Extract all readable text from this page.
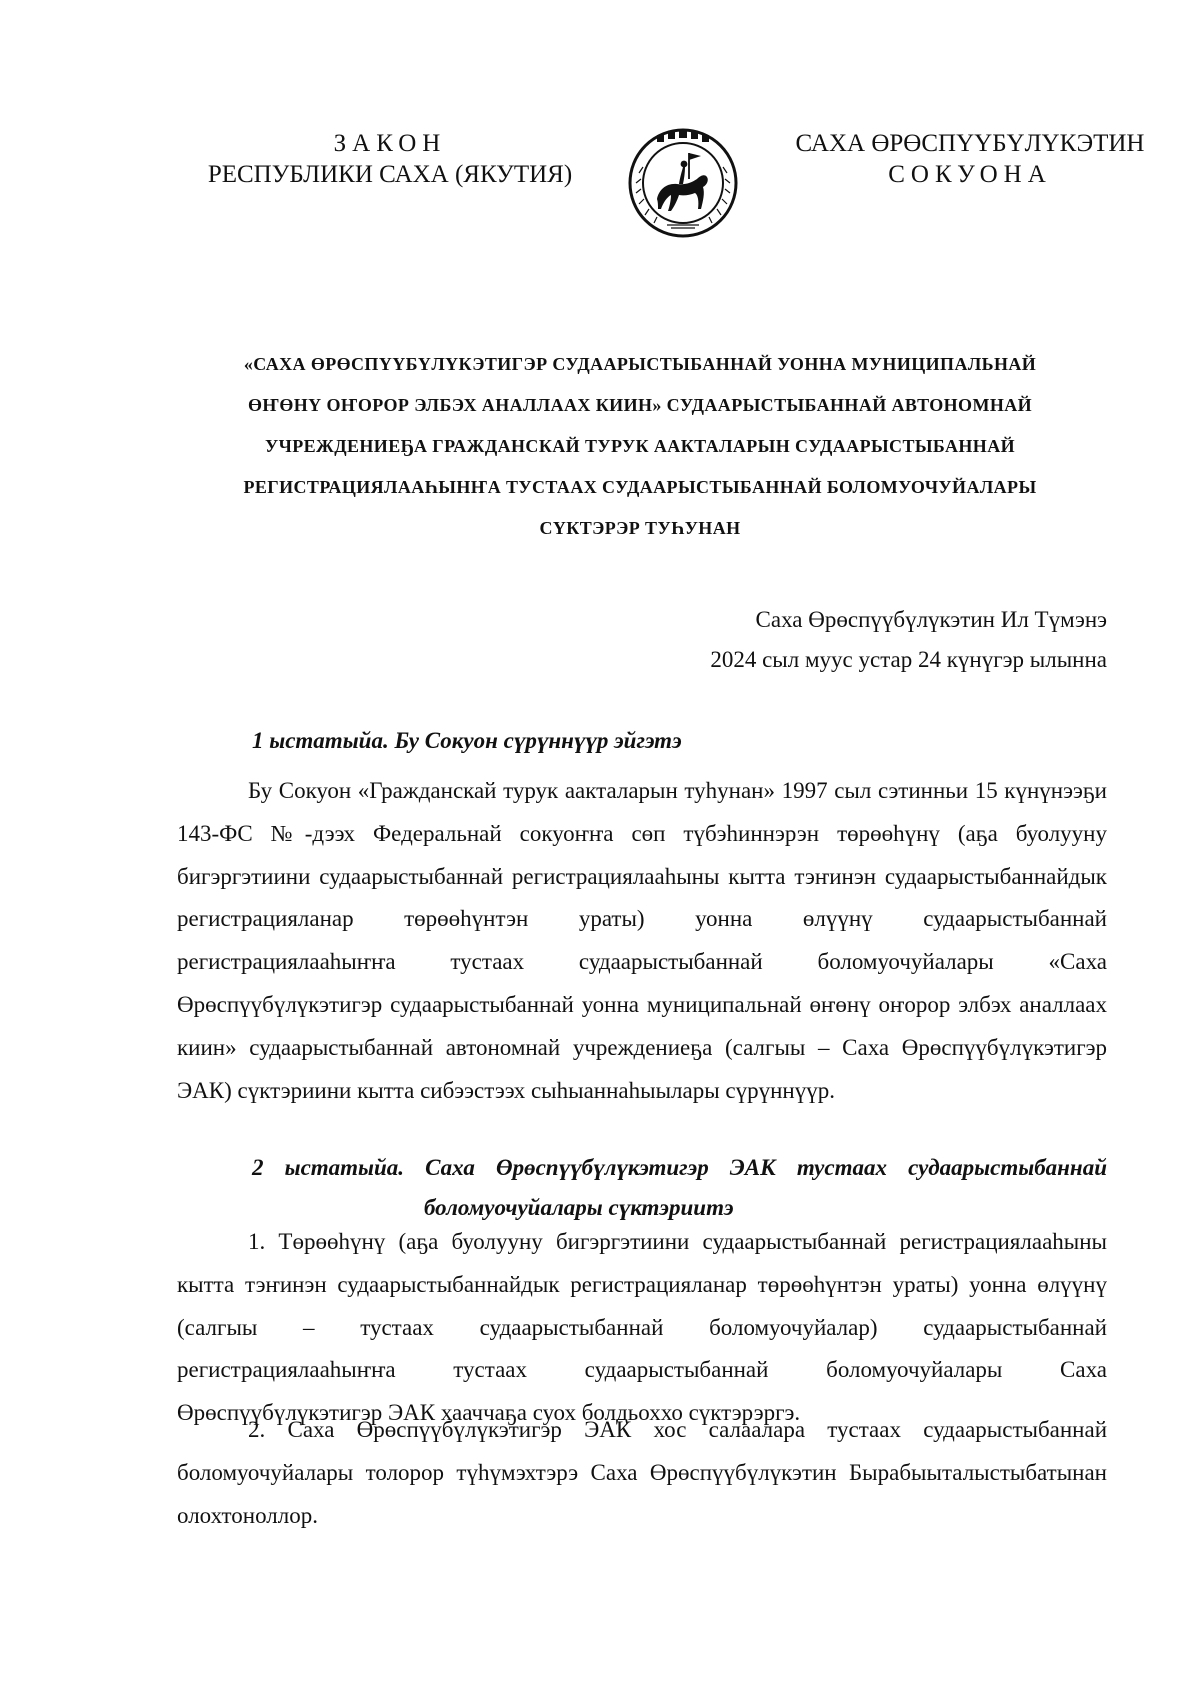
ЗАКОН
РЕСПУБЛИКИ САХА (ЯКУТИЯ)
САХА ӨРӨСПҮҮБҮЛҮКЭТИН
СОКУОНА
«САХА ӨРӨСПҮҮБҮЛҮКЭТИГЭР СУДААРЫСТЫБАННАЙ УОННА МУНИЦИПАЛЬНАЙ
ӨҤӨНҮ ОҤОРОР ЭЛБЭХ АНАЛЛААХ КИИН» СУДААРЫСТЫБАННАЙ АВТОНОМНАЙ
УЧРЕЖДЕНИЕҔА ГРАЖДАНСКАЙ ТУРУК ААКТАЛАРЫН СУДААРЫСТЫБАННАЙ
РЕГИСТРАЦИЯЛААҺЫНҤА ТУСТААХ СУДААРЫСТЫБАННАЙ БОЛОМУОЧУЙАЛАРЫ
СҮКТЭРЭР ТУҺУНАН
Саха Өрөспүүбүлүкэтин Ил Түмэнэ
2024 сыл муус устар 24 күнүгэр ылынна
1 ыстатыйа. Бу Сокуон сүрүннүүр эйгэтэ
Бу Сокуон «Гражданскай турук аакталарын туһунан» 1997 сыл сэтинньи 15 күнүнээҕи 143-ФС №-дээх Федеральнай сокуоҥҥа сөп түбэһиннэрэн төрөөһүнү (аҕа буолууну бигэргэтиини судаарыстыбаннай регистрациялааһыны кытта тэҥинэн судаарыстыбаннайдык регистрацияланар төрөөһүнтэн ураты) уонна өлүүнү судаарыстыбаннай регистрациялааһыҥҥа тустаах судаарыстыбаннай боломуочуйалары «Саха Өрөспүүбүлүкэтигэр судаарыстыбаннай уонна муниципальнай өҥөнү оҥорор элбэх аналлаах киин» судаарыстыбаннай автономнай учреждениеҕа (салгыы – Саха Өрөспүүбүлүкэтигэр ЭАК) сүктэриини кытта сибээстээх сыһыаннаһыылары сүрүннүүр.
2 ыстатыйа. Саха Өрөспүүбүлүкэтигэр ЭАК тустаах судаарыстыбаннай
боломуочуйалары сүктэриитэ
1. Төрөөһүнү (аҕа буолууну бигэргэтиини судаарыстыбаннай регистрациялааһыны кытта тэҥинэн судаарыстыбаннайдык регистрацияланар төрөөһүнтэн ураты) уонна өлүүнү (салгыы – тустаах судаарыстыбаннай боломуочуйалар) судаарыстыбаннай регистрациялааһыҥҥа тустаах судаарыстыбаннай боломуочуйалары Саха Өрөспүүбүлүкэтигэр ЭАК хааччаҕа суох болдьоххо сүктэрэргэ.
2. Саха Өрөспүүбүлүкэтигэр ЭАК хос салаалара тустаах судаарыстыбаннай боломуочуйалары толорор түһүмэхтэрэ Саха Өрөспүүбүлүкэтин Бырабыыталыстыбатынан олохтоноллор.
